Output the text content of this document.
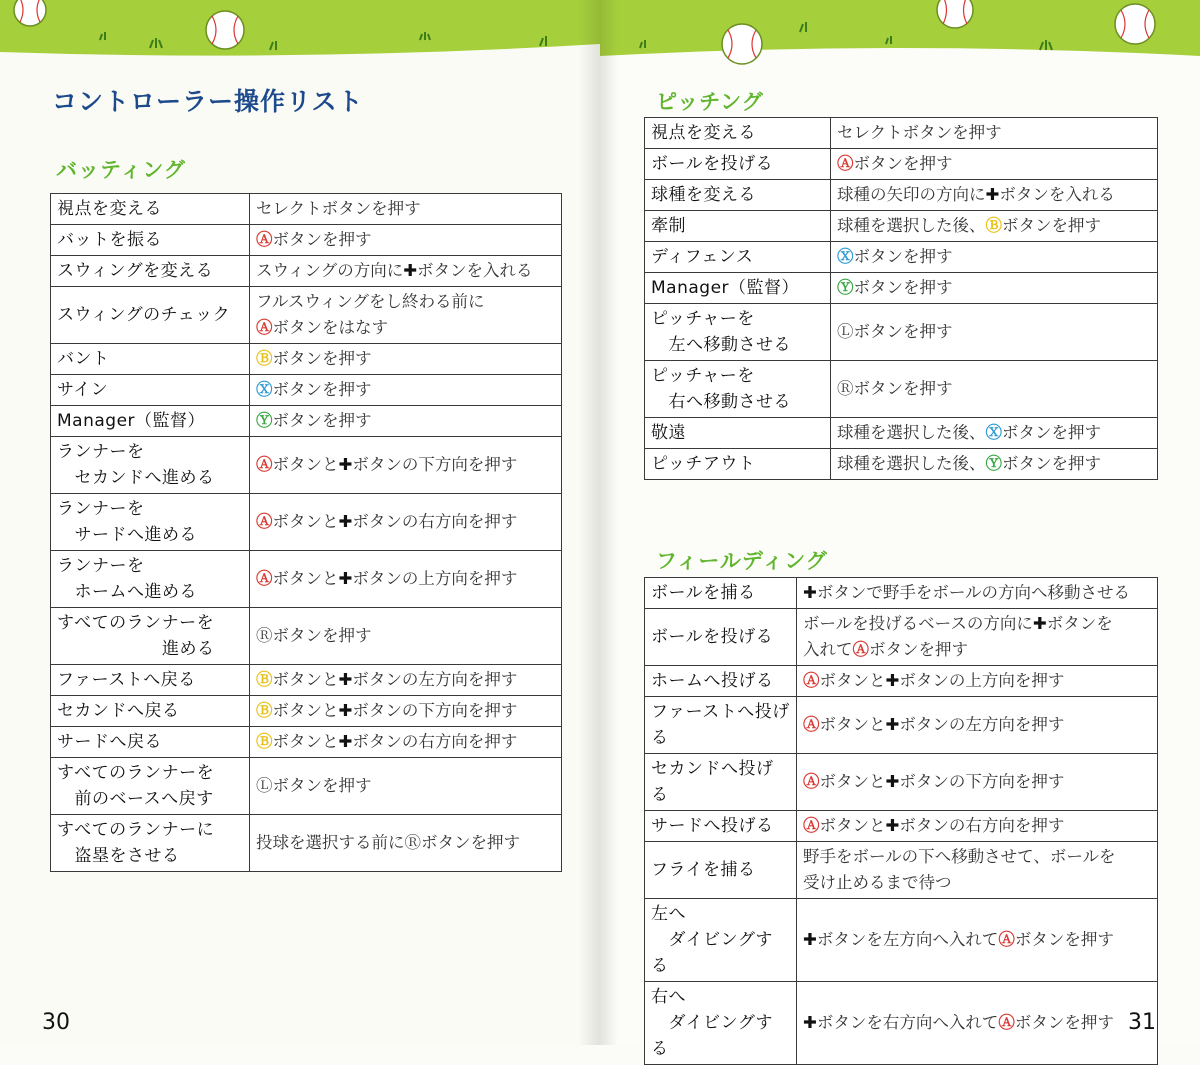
コントローラー操作リスト
バッティング
視点を変える	セレクトボタンを押す
バットを振る	Ⓐボタンを押す
スウィングを変える	スウィングの方向に✚ボタンを入れる
スウィングのチェック	フルスウィングをし終わる前に
Ⓐボタンをはなす
バント	Ⓑボタンを押す
サイン	Ⓧボタンを押す
Manager（監督）	Ⓨボタンを押す
ランナーを
　セカンドへ進める	Ⓐボタンと✚ボタンの下方向を押す
ランナーを
　サードへ進める	Ⓐボタンと✚ボタンの右方向を押す
ランナーを
　ホームへ進める	Ⓐボタンと✚ボタンの上方向を押す
すべてのランナーを
　　　　　　進める	Ⓡボタンを押す
ファーストへ戻る	Ⓑボタンと✚ボタンの左方向を押す
セカンドへ戻る	Ⓑボタンと✚ボタンの下方向を押す
サードへ戻る	Ⓑボタンと✚ボタンの右方向を押す
すべてのランナーを
　前のベースへ戻す	Ⓛボタンを押す
すべてのランナーに
　盗塁をさせる	投球を選択する前にⓇボタンを押す
30
ピッチング
視点を変える	セレクトボタンを押す
ボールを投げる	Ⓐボタンを押す
球種を変える	球種の矢印の方向に✚ボタンを入れる
牽制	球種を選択した後、Ⓑボタンを押す
ディフェンス	Ⓧボタンを押す
Manager（監督）	Ⓨボタンを押す
ピッチャーを
　左へ移動させる	Ⓛボタンを押す
ピッチャーを
　右へ移動させる	Ⓡボタンを押す
敬遠	球種を選択した後、Ⓧボタンを押す
ピッチアウト	球種を選択した後、Ⓨボタンを押す
フィールディング
ボールを捕る	✚ボタンで野手をボールの方向へ移動させる
ボールを投げる	ボールを投げるベースの方向に✚ボタンを
入れてⒶボタンを押す
ホームへ投げる	Ⓐボタンと✚ボタンの上方向を押す
ファーストへ投げる	Ⓐボタンと✚ボタンの左方向を押す
セカンドへ投げる	Ⓐボタンと✚ボタンの下方向を押す
サードへ投げる	Ⓐボタンと✚ボタンの右方向を押す
フライを捕る	野手をボールの下へ移動させて、ボールを
受け止めるまで待つ
左へ
　ダイビングする	✚ボタンを左方向へ入れてⒶボタンを押す
右へ
　ダイビングする	✚ボタンを右方向へ入れてⒶボタンを押す 31
